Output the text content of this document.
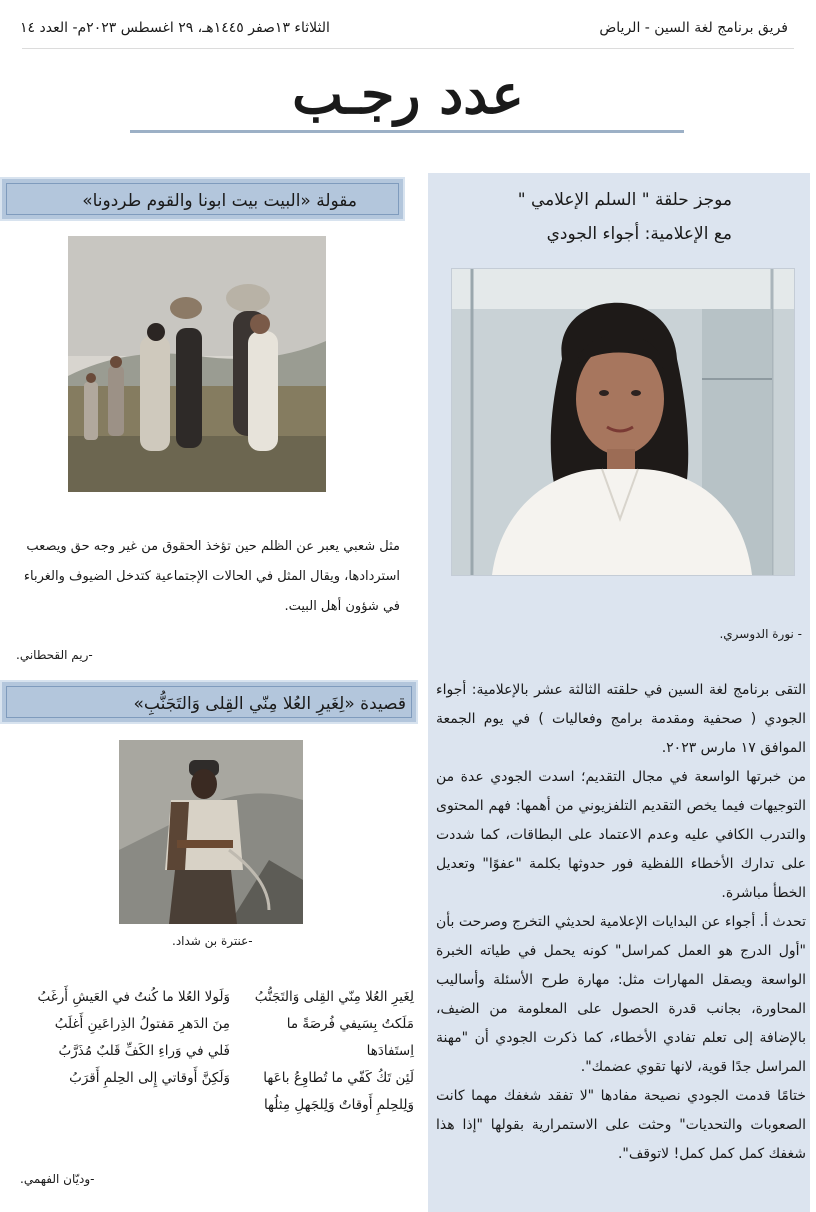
فريق برنامج لغة السين - الرياض
الثلاثاء ١٣صفر ١٤٤٥هـ، ٢٩ اغسطس ٢٠٢٣م- العدد ١٤
عدد رجـب
موجز حلقة " السلم الإعلامي "
مع الإعلامية: أجواء الجودي
- نورة الدوسري.

التقى برنامج لغة السين في حلقته الثالثة عشر بالإعلامية: أجواء الجودي ( صحفية ومقدمة برامج وفعاليات ) في يوم الجمعة الموافق ١٧ مارس ٢٠٢٣.

من خبرتها الواسعة في مجال التقديم؛ اسدت الجودي عدة من التوجيهات فيما يخص التقديم التلفزيوني من أهمها: فهم المحتوى والتدرب الكافي عليه وعدم الاعتماد على البطاقات، كما شددت على تدارك الأخطاء اللفظية فور حدوثها بكلمة "عفوًا" وتعديل الخطأ مباشرة.

تحدث أ. أجواء عن البدايات الإعلامية لحديثي التخرج وصرحت بأن "أول الدرج هو العمل كمراسل" كونه يحمل في طياته الخبرة الواسعة ويصقل المهارات مثل: مهارة طرح الأسئلة وأساليب المحاورة، بجانب قدرة الحصول على المعلومة من الضيف، بالإضافة إلى تعلم تفادي الأخطاء، كما ذكرت الجودي أن "مهنة المراسل جدًا قوية، لانها تقوي عضمك".

ختامًا قدمت الجودي نصيحة مفادها "لا تفقد شغفك مهما كانت الصعوبات والتحديات" وحثت على الاستمرارية بقولها "إذا هذا شغفك كمل كمل كمل! لاتوقف".

مقولة «البيت بيت ابونا والقوم طردونا»
مثل شعبي يعبر عن الظلم حين تؤخذ الحقوق من غير وجه حق ويصعب استردادها، ويقال المثل في الحالات الإجتماعية كتدخل الضيوف والغرباء في شؤون أهل البيت.
-ريم القحطاني.
قصيدة «لِغَيرِ العُلا مِنّي القِلى وَالتَجَنُّبِ»
-عنترة بن شداد.
لِغَيرِ العُلا مِنّي القِلى وَالتَجَنُّبُ
مَلَكتُ بِسَيفي فُرصَةً ما اِستَفادَها
لَئِن تَكُ كَفّي ما تُطاوِعُ باعَها
وَلِلحِلمِ أَوقاتٌ وَلِلجَهلِ مِثلُها
وَلَولا العُلا ما كُنتُ في العَيشِ أَرغَبُ
مِنَ الدَهرِ مَفتولُ الذِراعَينِ أَغلَبُ
فَلي في وَراءِ الكَفِّ قَلبٌ مُذَرَّبُ
وَلَكِنَّ أَوقاتي إِلى الحِلمِ أَقرَبُ
-وديّان الفهمي.
